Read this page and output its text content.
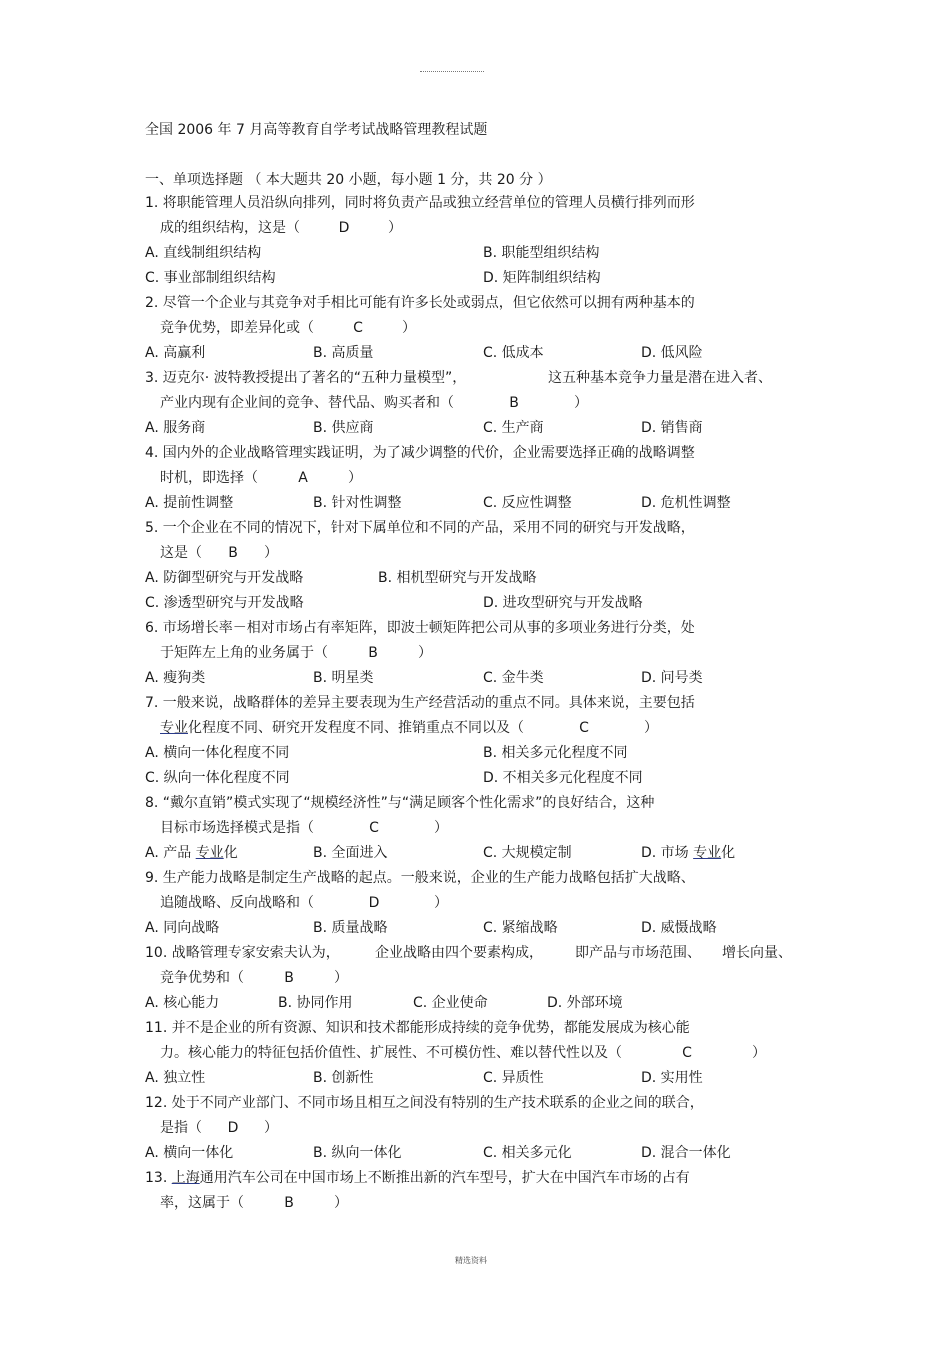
全国 2006 年 7 月高等教育自学考试战略管理教程试题
一、单项选择题 （ 本大题共 20 小题，每小题 1 分，共 20 分 ）
1. 将职能管理人员沿纵向排列，同时将负责产品或独立经营单位的管理人员横行排列而形
成的组织结构，这是（	D	）
A. 直线制组织结构	B. 职能型组织结构
C. 事业部制组织结构	D. 矩阵制组织结构
2. 尽管一个企业与其竞争对手相比可能有许多长处或弱点，但它依然可以拥有两种基本的
竞争优势，即差异化或（	C	）
A. 高赢利	B. 高质量	C. 低成本	D. 低风险
3. 迈克尔· 波特教授提出了著名的“五种力量模型”，	这五种基本竞争力量是潜在进入者、
产业内现有企业间的竞争、替代品、购买者和（	B	）
A. 服务商	B. 供应商	C. 生产商	D. 销售商
4. 国内外的企业战略管理实践证明，为了减少调整的代价，企业需要选择正确的战略调整
时机，即选择（	A	）
A. 提前性调整	B. 针对性调整	C. 反应性调整	D. 危机性调整
5. 一个企业在不同的情况下，针对下属单位和不同的产品，采用不同的研究与开发战略，
这是（ B ）
A. 防御型研究与开发战略	B. 相机型研究与开发战略
C. 渗透型研究与开发战略	D. 进攻型研究与开发战略
6. 市场增长率－相对市场占有率矩阵，即波士顿矩阵把公司从事的多项业务进行分类，处
于矩阵左上角的业务属于（	B	）
A. 瘦狗类	B. 明星类	C. 金牛类	D. 问号类
7. 一般来说，战略群体的差异主要表现为生产经营活动的重点不同。具体来说，主要包括
专业化程度不同、研究开发程度不同、推销重点不同以及（	C	）
A. 横向一体化程度不同	B. 相关多元化程度不同
C. 纵向一体化程度不同	D. 不相关多元化程度不同
8. “戴尔直销”模式实现了“规模经济性”与“满足顾客个性化需求”的良好结合，这种
目标市场选择模式是指（	C	）
A. 产品 专业化	B. 全面进入	C. 大规模定制	D. 市场 专业化
9. 生产能力战略是制定生产战略的起点。一般来说，企业的生产能力战略包括扩大战略、
追随战略、反向战略和（	D	）
A. 同向战略	B. 质量战略	C. 紧缩战略	D. 威慑战略
10. 战略管理专家安索夫认为，	企业战略由四个要素构成， 即产品与市场范围、 增长向量、
竞争优势和（	B	）
A. 核心能力	B. 协同作用	C. 企业使命	D. 外部环境
11. 并不是企业的所有资源、知识和技术都能形成持续的竞争优势，都能发展成为核心能
力。核心能力的特征包括价值性、扩展性、不可模仿性、难以替代性以及（	C	）
A. 独立性	B. 创新性	C. 异质性	D. 实用性
12. 处于不同产业部门、不同市场且相互之间没有特别的生产技术联系的企业之间的联合，
是指（ D ）
A. 横向一体化	B. 纵向一体化	C. 相关多元化	D. 混合一体化
13. 上海通用汽车公司在中国市场上不断推出新的汽车型号，扩大在中国汽车市场的占有
率，这属于（	B	）
精选资料
